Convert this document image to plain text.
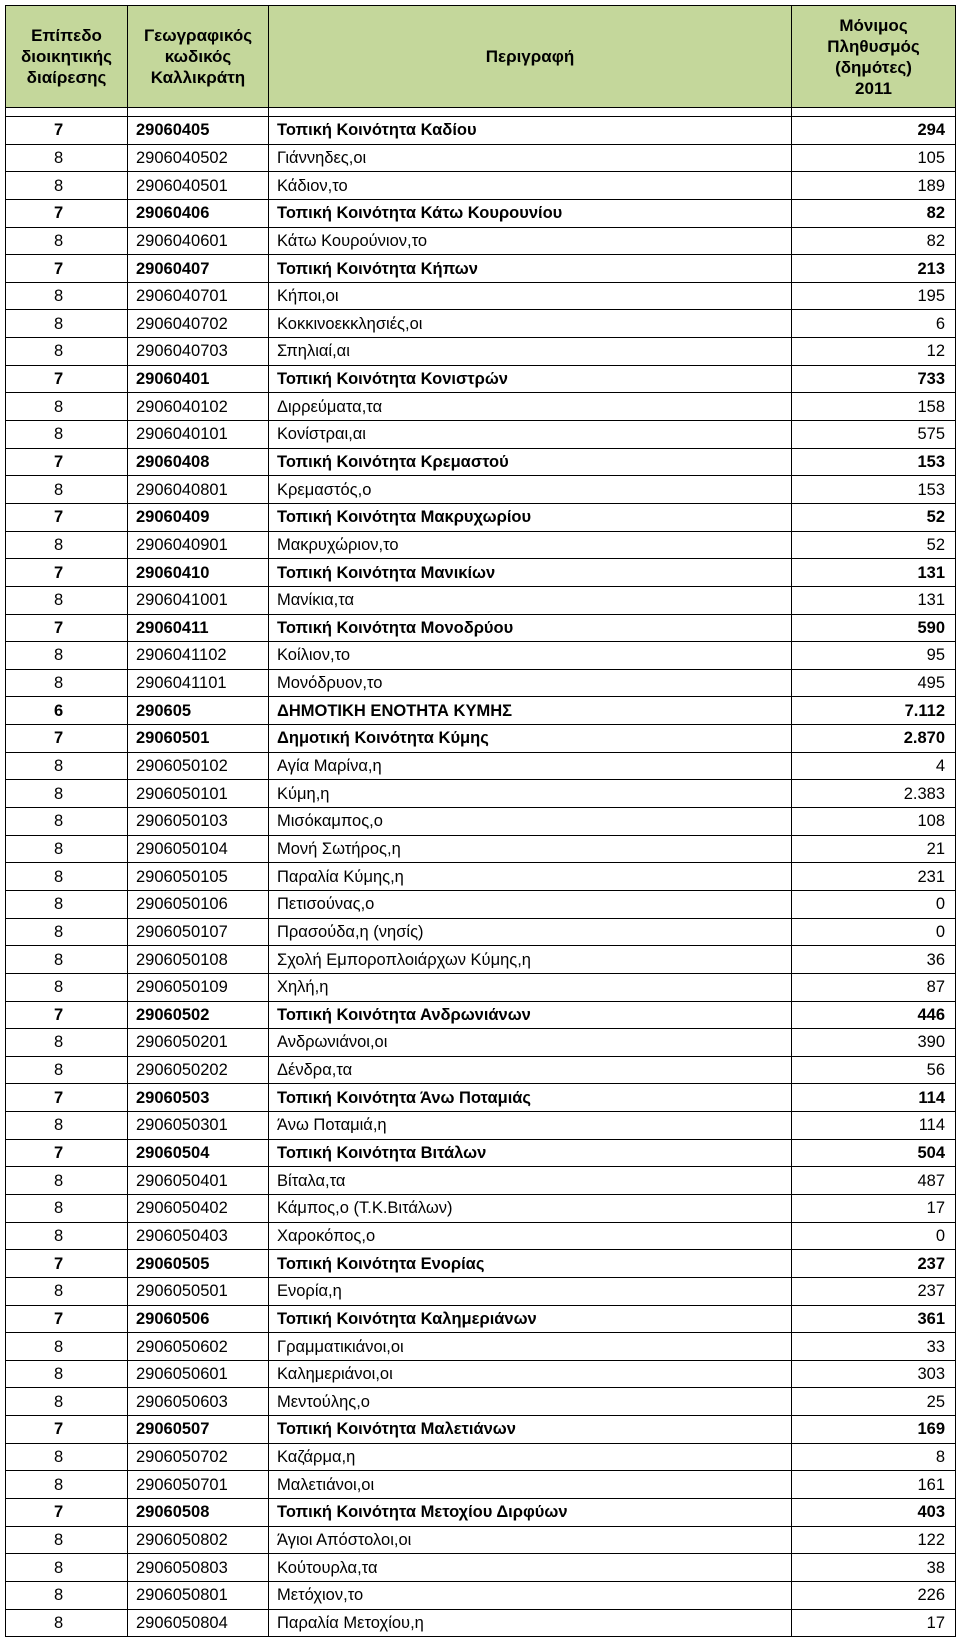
Επίπεδο
διοικητικής
διαίρεσης	Γεωγραφικός
κωδικός
Καλλικράτη	Περιγραφή	Μόνιμος
Πληθυσμός
(δημότες)
2011

7	29060405	Τοπική Κοινότητα Καδίου	294
8	2906040502	Γιάννηδες,οι	105
8	2906040501	Κάδιον,το	189
7	29060406	Τοπική Κοινότητα Κάτω Κουρουνίου	82
8	2906040601	Κάτω Κουρούνιον,το	82
7	29060407	Τοπική Κοινότητα Κήπων	213
8	2906040701	Κήποι,οι	195
8	2906040702	Κοκκινοεκκλησιές,οι	6
8	2906040703	Σπηλιαί,αι	12
7	29060401	Τοπική Κοινότητα Κονιστρών	733
8	2906040102	Διρρεύματα,τα	158
8	2906040101	Κονίστραι,αι	575
7	29060408	Τοπική Κοινότητα Κρεμαστού	153
8	2906040801	Κρεμαστός,ο	153
7	29060409	Τοπική Κοινότητα Μακρυχωρίου	52
8	2906040901	Μακρυχώριον,το	52
7	29060410	Τοπική Κοινότητα Μανικίων	131
8	2906041001	Μανίκια,τα	131
7	29060411	Τοπική Κοινότητα Μονοδρύου	590
8	2906041102	Κοίλιον,το	95
8	2906041101	Μονόδρυον,το	495
6	290605	ΔΗΜΟΤΙΚΗ ΕΝΟΤΗΤΑ ΚΥΜΗΣ	7.112
7	29060501	Δημοτική Κοινότητα Κύμης	2.870
8	2906050102	Αγία Μαρίνα,η	4
8	2906050101	Κύμη,η	2.383
8	2906050103	Μισόκαμπος,ο	108
8	2906050104	Μονή Σωτήρος,η	21
8	2906050105	Παραλία Κύμης,η	231
8	2906050106	Πετισούνας,ο	0
8	2906050107	Πρασούδα,η (νησίς)	0
8	2906050108	Σχολή Εμποροπλοιάρχων Κύμης,η	36
8	2906050109	Χηλή,η	87
7	29060502	Τοπική Κοινότητα Ανδρωνιάνων	446
8	2906050201	Ανδρωνιάνοι,οι	390
8	2906050202	Δένδρα,τα	56
7	29060503	Τοπική Κοινότητα Άνω Ποταμιάς	114
8	2906050301	Άνω Ποταμιά,η	114
7	29060504	Τοπική Κοινότητα Βιτάλων	504
8	2906050401	Βίταλα,τα	487
8	2906050402	Κάμπος,ο (Τ.Κ.Βιτάλων)	17
8	2906050403	Χαροκόπος,ο	0
7	29060505	Τοπική Κοινότητα Ενορίας	237
8	2906050501	Ενορία,η	237
7	29060506	Τοπική Κοινότητα Καλημεριάνων	361
8	2906050602	Γραμματικιάνοι,οι	33
8	2906050601	Καλημεριάνοι,οι	303
8	2906050603	Μεντούλης,ο	25
7	29060507	Τοπική Κοινότητα Μαλετιάνων	169
8	2906050702	Καζάρμα,η	8
8	2906050701	Μαλετιάνοι,οι	161
7	29060508	Τοπική Κοινότητα Μετοχίου Διρφύων	403
8	2906050802	Άγιοι Απόστολοι,οι	122
8	2906050803	Κούτουρλα,τα	38
8	2906050801	Μετόχιον,το	226
8	2906050804	Παραλία Μετοχίου,η	17
